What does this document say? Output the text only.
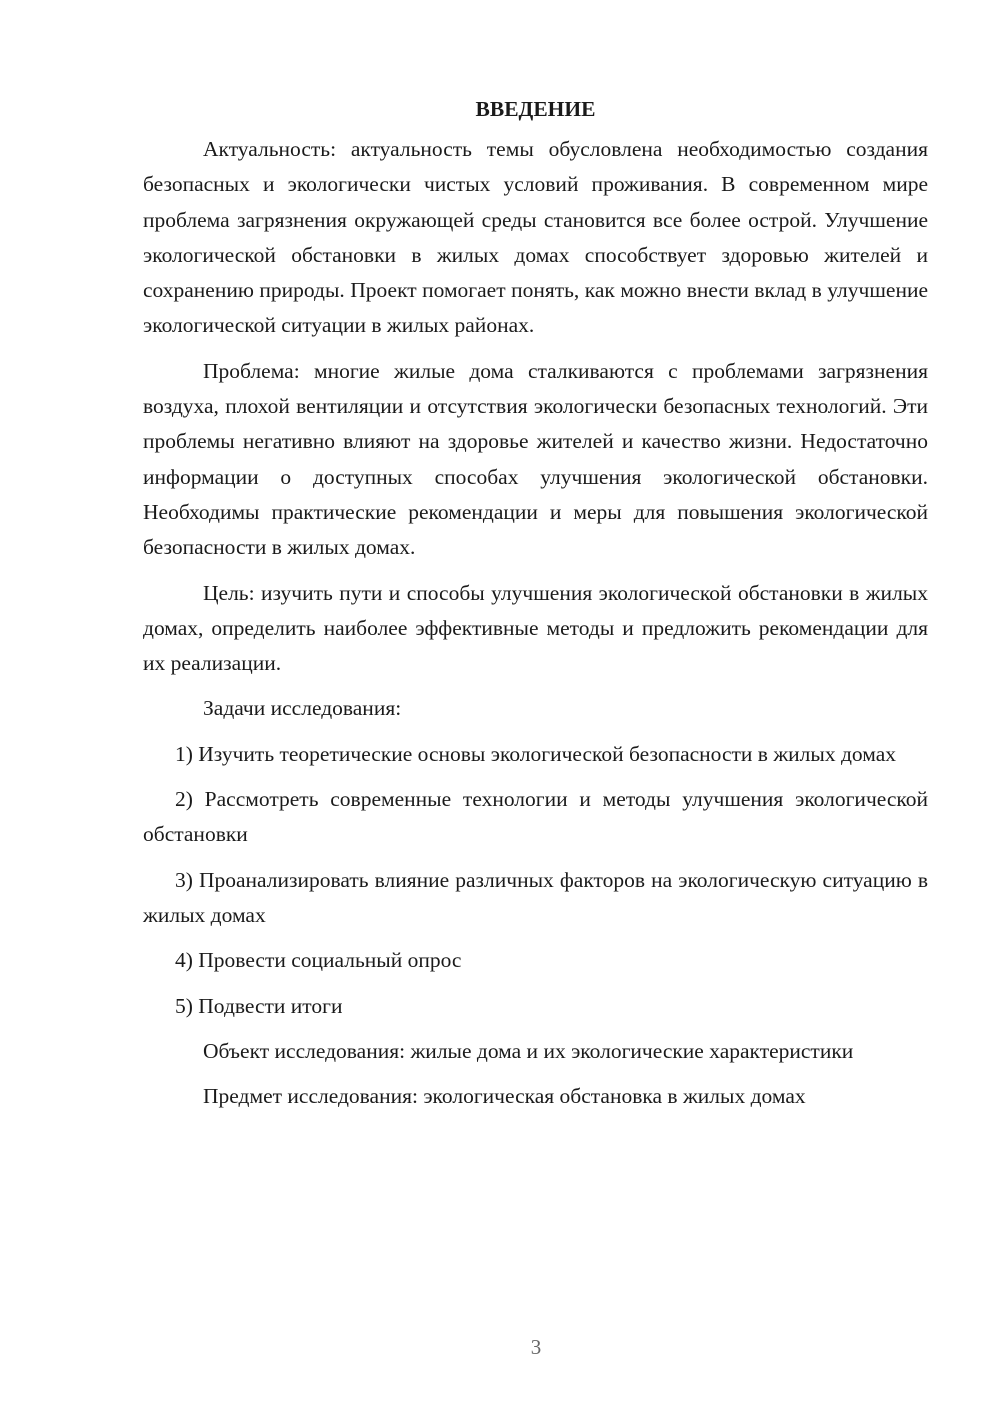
ВВЕДЕНИЕ

Актуальность: актуальность темы обусловлена необходимостью создания безопасных и экологически чистых условий проживания. В современном мире проблема загрязнения окружающей среды становится все более острой. Улучшение экологической обстановки в жилых домах способствует здоровью жителей и сохранению природы. Проект помогает понять, как можно внести вклад в улучшение экологической ситуации в жилых районах.

Проблема: многие жилые дома сталкиваются с проблемами загрязнения воздуха, плохой вентиляции и отсутствия экологически безопасных технологий. Эти проблемы негативно влияют на здоровье жителей и качество жизни. Недостаточно информации о доступных способах улучшения экологической обстановки. Необходимы практические рекомендации и меры для повышения экологической безопасности в жилых домах.

Цель: изучить пути и способы улучшения экологической обстановки в жилых домах, определить наиболее эффективные методы и предложить рекомендации для их реализации.

Задачи исследования:

1) Изучить теоретические основы экологической безопасности в жилых домах

2) Рассмотреть современные технологии и методы улучшения экологической обстановки

3) Проанализировать влияние различных факторов на экологическую ситуацию в жилых домах

4) Провести социальный опрос

5) Подвести итоги

Объект исследования: жилые дома и их экологические характеристики

Предмет исследования: экологическая обстановка в жилых домах

3
